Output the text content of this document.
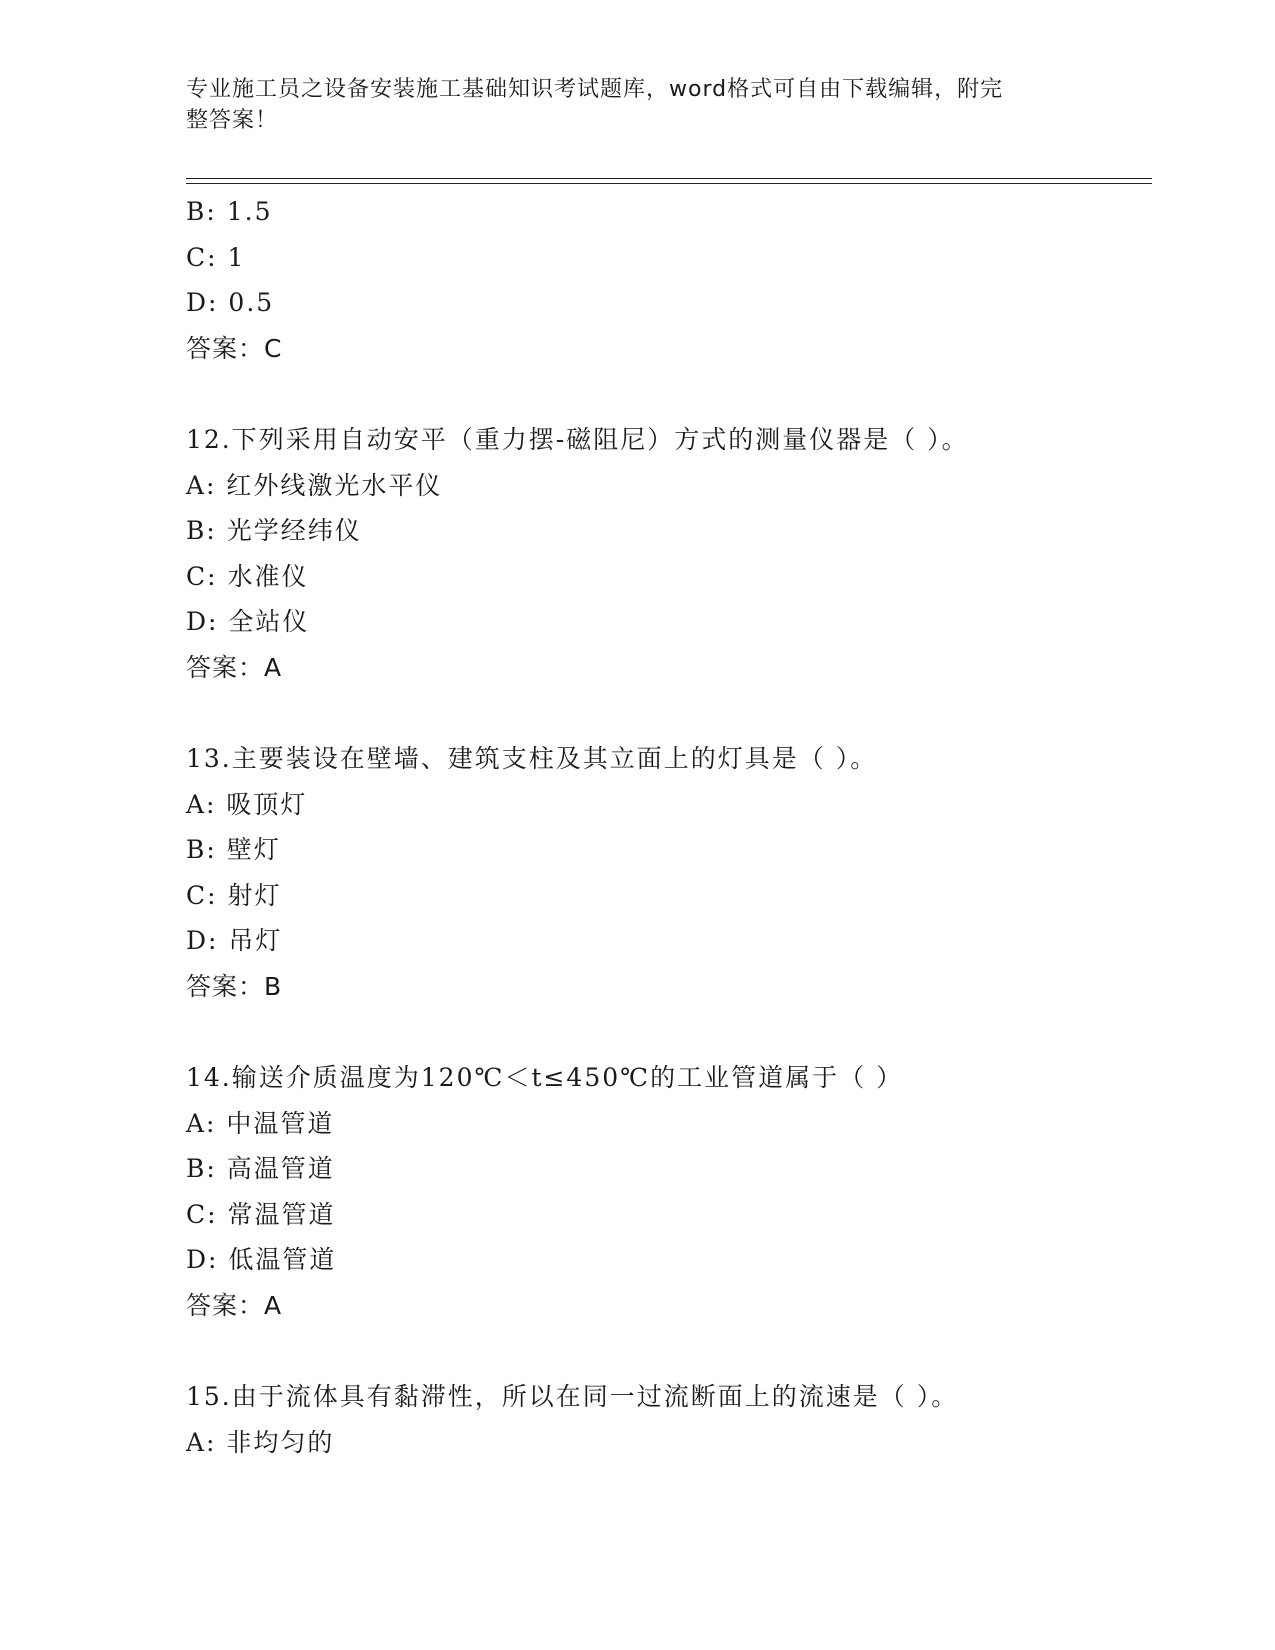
专业施工员之设备安装施工基础知识考试题库，word格式可自由下载编辑，附完
整答案！
B: 1.5
C: 1
D: 0.5
答案：C
12.下列采用自动安平（重力摆-磁阻尼）方式的测量仪器是（ ）。
A: 红外线激光水平仪
B: 光学经纬仪
C: 水准仪
D: 全站仪
答案：A
13.主要装设在壁墙、建筑支柱及其立面上的灯具是（ ）。
A: 吸顶灯
B: 壁灯
C: 射灯
D: 吊灯
答案：B
14.输送介质温度为120℃＜t≤450℃的工业管道属于（ ）
A: 中温管道
B: 高温管道
C: 常温管道
D: 低温管道
答案：A
15.由于流体具有黏滞性，所以在同一过流断面上的流速是（ ）。
A: 非均匀的
